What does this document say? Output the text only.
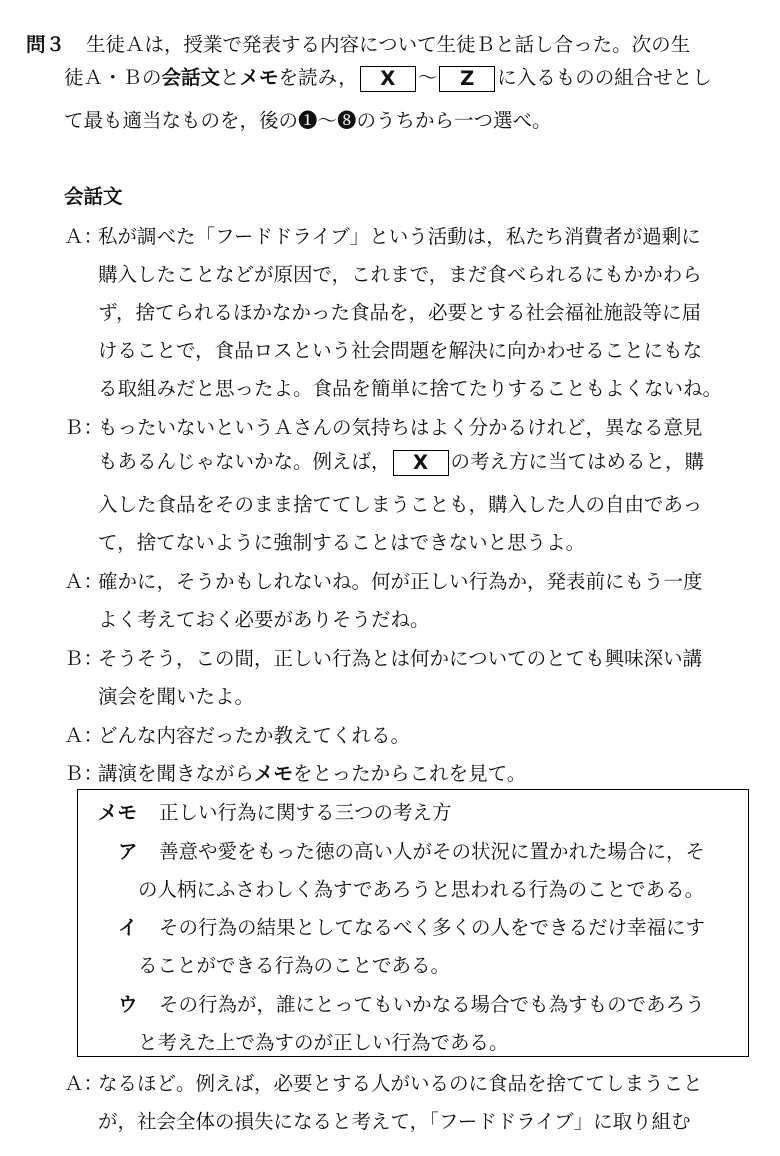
問３ 生徒Ａは，授業で発表する内容について生徒Ｂと話し合った。次の生
徒Ａ・Ｂの会話文とメモを読み， X 〜 Z に入るものの組合せとし
て最も適当なものを，後の➊〜➑のうちから一つ選べ。
会話文
Ａ：
私が調べた「フードドライブ」という活動は，私たち消費者が過剰に
購入したことなどが原因で，これまで，まだ食べられるにもかかわら
ず，捨てられるほかなかった食品を，必要とする社会福祉施設等に届
けることで，食品ロスという社会問題を解決に向かわせることにもな
る取組みだと思ったよ。食品を簡単に捨てたりすることもよくないね。
Ｂ：
もったいないというＡさんの気持ちはよく分かるけれど，異なる意見
もあるんじゃないかな。例えば， X の考え方に当てはめると，購
入した食品をそのまま捨ててしまうことも，購入した人の自由であっ
て，捨てないように強制することはできないと思うよ。
Ａ：
確かに，そうかもしれないね。何が正しい行為か，発表前にもう一度
よく考えておく必要がありそうだね。
Ｂ：
そうそう，この間，正しい行為とは何かについてのとても興味深い講
演会を聞いたよ。
Ａ：
どんな内容だったか教えてくれる。
Ｂ：
講演を聞きながらメモをとったからこれを見て。
メモ 正しい行為に関する三つの考え方
ア 善意や愛をもった徳の高い人がその状況に置かれた場合に，そ
の人柄にふさわしく為すであろうと思われる行為のことである。
イ その行為の結果としてなるべく多くの人をできるだけ幸福にす
ることができる行為のことである。
ウ その行為が，誰にとってもいかなる場合でも為すものであろう
と考えた上で為すのが正しい行為である。
Ａ：
なるほど。例えば，必要とする人がいるのに食品を捨ててしまうこと
が，社会全体の損失になると考えて，「フードドライブ」に取り組む
